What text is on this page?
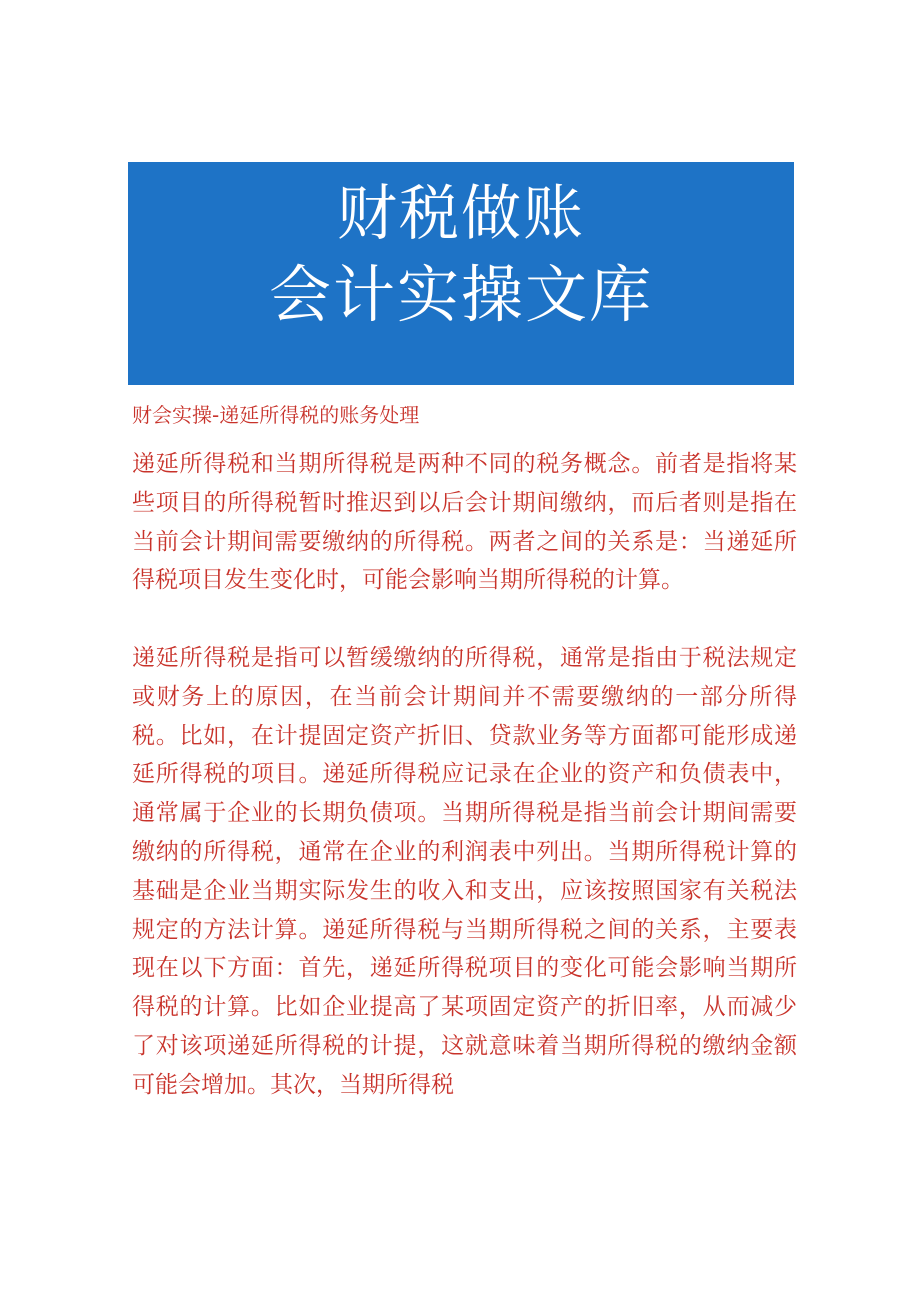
财税做账
会计实操文库
财会实操-递延所得税的账务处理

递延所得税和当期所得税是两种不同的税务概念。前者是指将某些项目的所得税暂时推迟到以后会计期间缴纳，而后者则是指在当前会计期间需要缴纳的所得税。两者之间的关系是：当递延所得税项目发生变化时，可能会影响当期所得税的计算。

递延所得税是指可以暂缓缴纳的所得税，通常是指由于税法规定或财务上的原因，在当前会计期间并不需要缴纳的一部分所得税。比如，在计提固定资产折旧、贷款业务等方面都可能形成递延所得税的项目。递延所得税应记录在企业的资产和负债表中，通常属于企业的长期负债项。当期所得税是指当前会计期间需要缴纳的所得税，通常在企业的利润表中列出。当期所得税计算的基础是企业当期实际发生的收入和支出，应该按照国家有关税法规定的方法计算。递延所得税与当期所得税之间的关系，主要表现在以下方面：首先，递延所得税项目的变化可能会影响当期所得税的计算。比如企业提高了某项固定资产的折旧率，从而减少了对该项递延所得税的计提，这就意味着当期所得税的缴纳金额可能会增加。其次，当期所得税
